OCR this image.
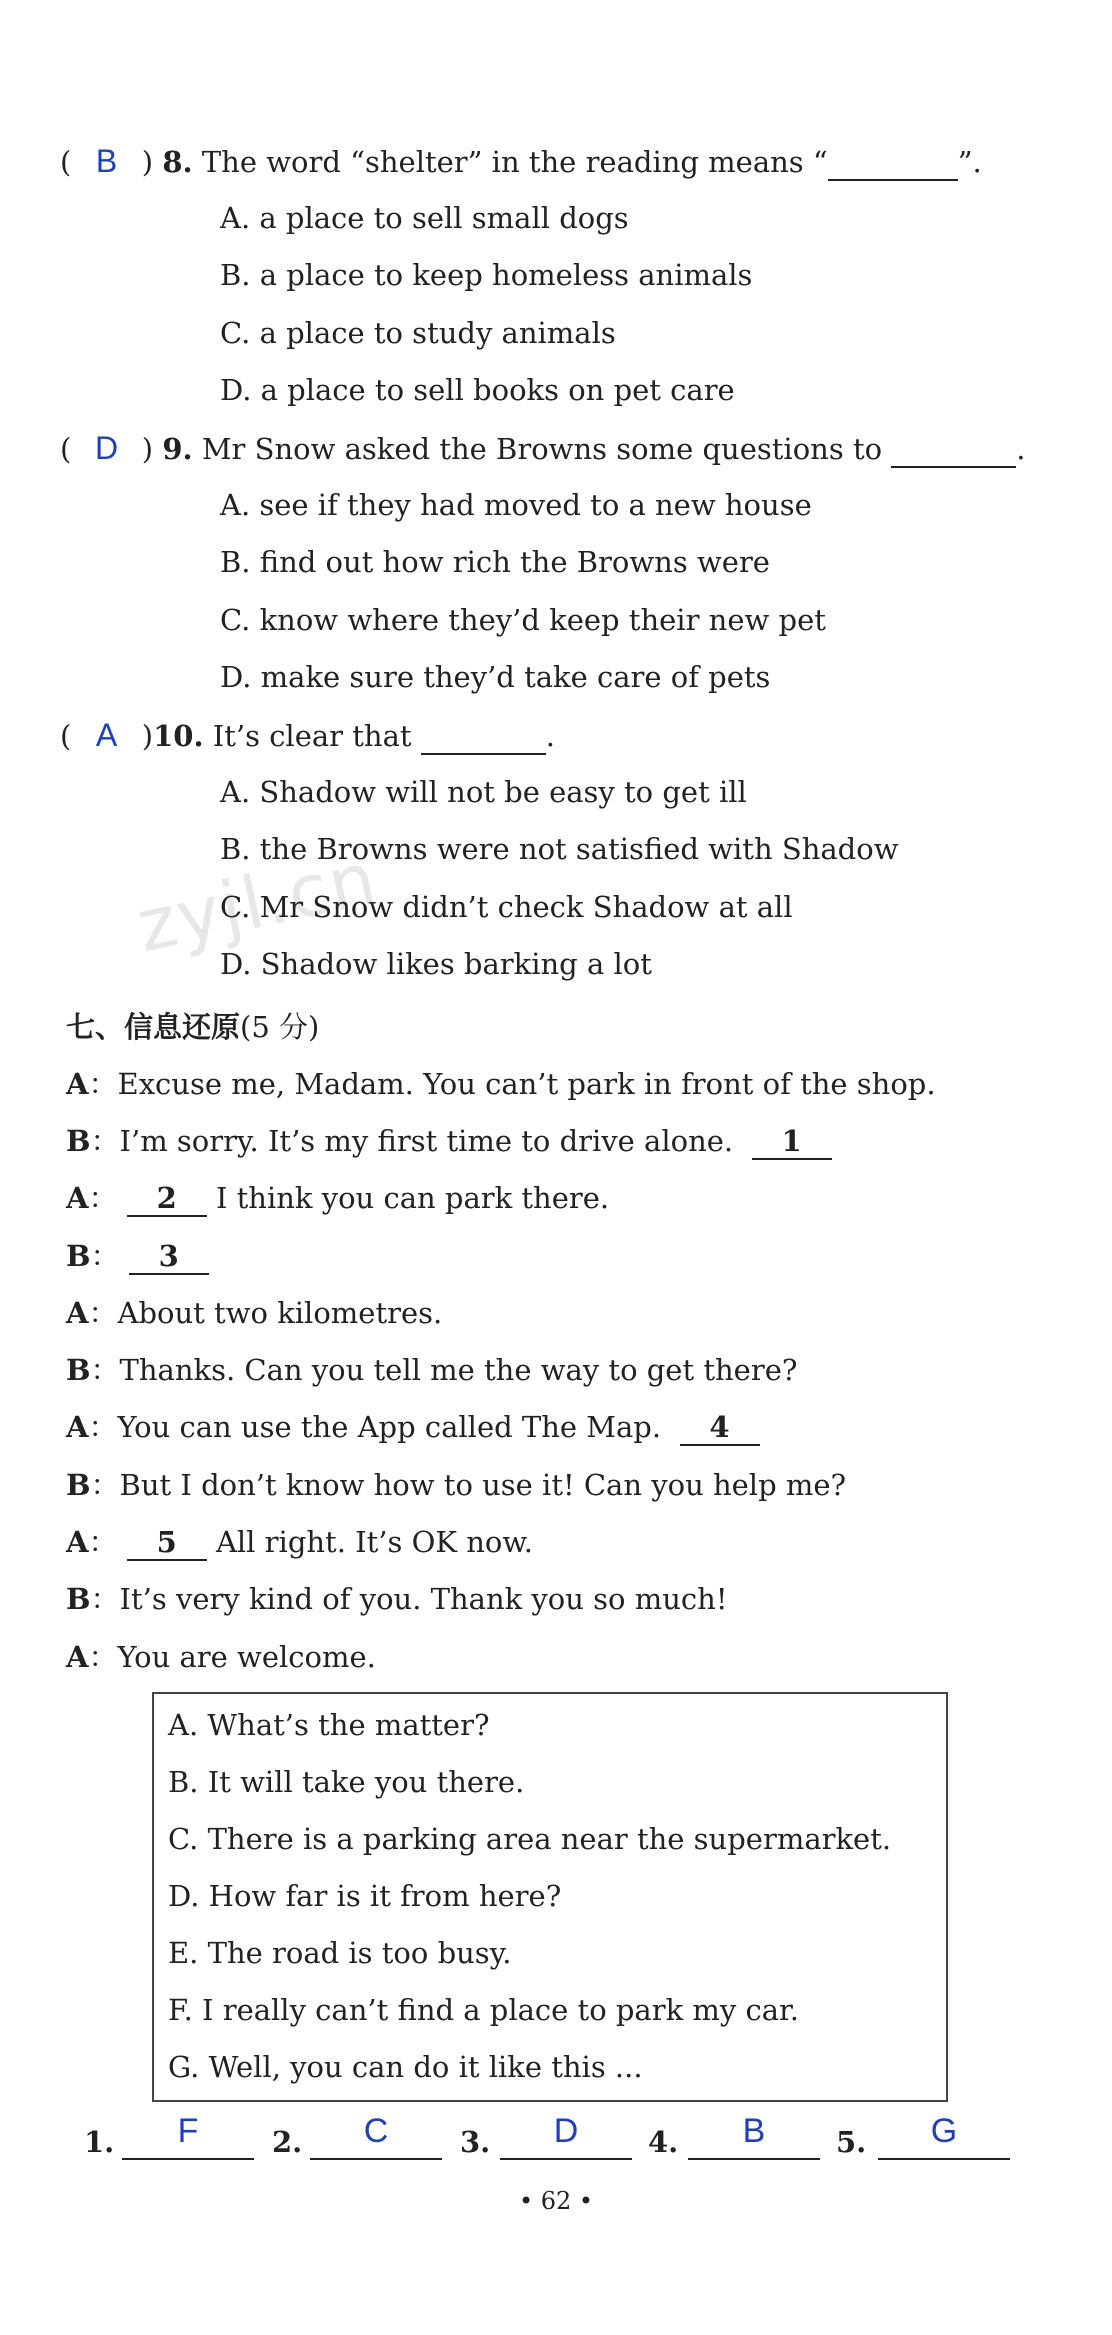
zyjl.cn
( B ) 8. The word “shelter” in the reading means “	”.
A. a place to sell small dogs
B. a place to keep homeless animals
C. a place to study animals
D. a place to sell books on pet care
( D ) 9. Mr Snow asked the Browns some questions to	.
A. see if they had moved to a new house
B. find out how rich the Browns were
C. know where they’d keep their new pet
D. make sure they’d take care of pets
( A )10. It’s clear that	.
A. Shadow will not be easy to get ill
B. the Browns were not satisfied with Shadow
C. Mr Snow didn’t check Shadow at all
D. Shadow likes barking a lot
七、信息还原(5 分)
A：Excuse me, Madam. You can’t park in front of the shop.
B：I’m sorry. It’s my first time to drive alone. 1
A： 2 I think you can park there.
B： 3
A：About two kilometres.
B：Thanks. Can you tell me the way to get there?
A：You can use the App called The Map. 4
B：But I don’t know how to use it! Can you help me?
A： 5 All right. It’s OK now.
B：It’s very kind of you. Thank you so much!
A：You are welcome.
A. What’s the matter?
B. It will take you there.
C. There is a parking area near the supermarket.
D. How far is it from here?
E. The road is too busy.
F. I really can’t find a place to park my car.
G. Well, you can do it like this ...
1.	F	2.	C	3.	D	4.	B	5.	G
• 62 •
